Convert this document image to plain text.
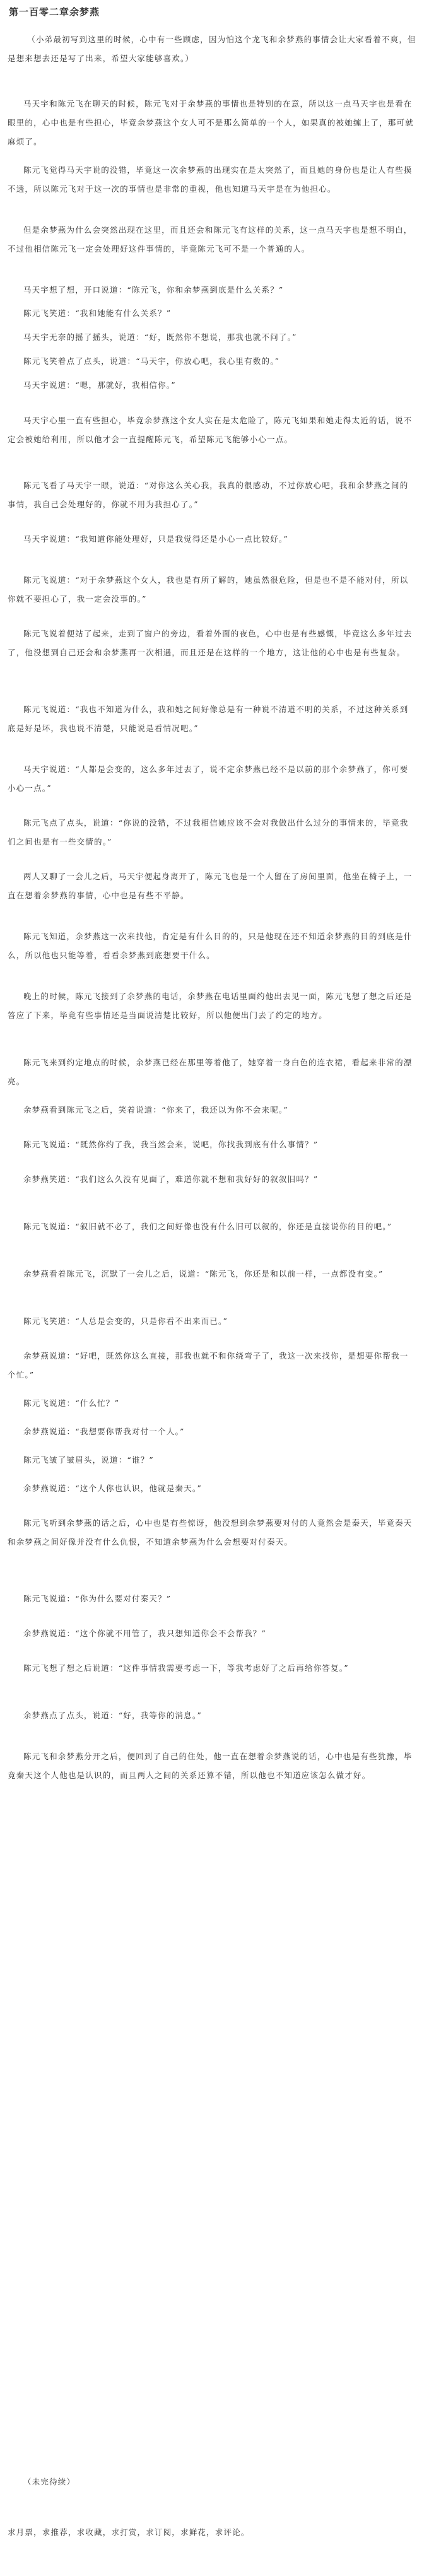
第一百零二章余梦燕
（小弟最初写到这里的时候，心中有一些顾虑，因为怕这个龙飞和余梦燕的事情会让大家看着不爽，但是想来想去还是写了出来，希望大家能够喜欢。）
马天宇和陈元飞在聊天的时候，陈元飞对于余梦燕的事情也是特别的在意，所以这一点马天宇也是看在眼里的，心中也是有些担心，毕竟余梦燕这个女人可不是那么简单的一个人，如果真的被她缠上了，那可就麻烦了。
陈元飞觉得马天宇说的没错，毕竟这一次余梦燕的出现实在是太突然了，而且她的身份也是让人有些摸不透，所以陈元飞对于这一次的事情也是非常的重视，他也知道马天宇是在为他担心。
但是余梦燕为什么会突然出现在这里，而且还会和陈元飞有这样的关系，这一点马天宇也是想不明白，不过他相信陈元飞一定会处理好这件事情的，毕竟陈元飞可不是一个普通的人。
马天宇想了想，开口说道：“陈元飞，你和余梦燕到底是什么关系？”
陈元飞笑道：“我和她能有什么关系？”
马天宇无奈的摇了摇头，说道：“好，既然你不想说，那我也就不问了。”
陈元飞笑着点了点头，说道：“马天宇，你放心吧，我心里有数的。”
马天宇说道：“嗯，那就好，我相信你。”
马天宇心里一直有些担心，毕竟余梦燕这个女人实在是太危险了，陈元飞如果和她走得太近的话，说不定会被她给利用，所以他才会一直提醒陈元飞，希望陈元飞能够小心一点。
陈元飞看了马天宇一眼，说道：“对你这么关心我，我真的很感动，不过你放心吧，我和余梦燕之间的事情，我自己会处理好的，你就不用为我担心了。”
马天宇说道：“我知道你能处理好，只是我觉得还是小心一点比较好。”
陈元飞说道：“对于余梦燕这个女人，我也是有所了解的，她虽然很危险，但是也不是不能对付，所以你就不要担心了，我一定会没事的。”
陈元飞说着便站了起来，走到了窗户的旁边，看着外面的夜色，心中也是有些感慨，毕竟这么多年过去了，他没想到自己还会和余梦燕再一次相遇，而且还是在这样的一个地方，这让他的心中也是有些复杂。
陈元飞说道：“我也不知道为什么，我和她之间好像总是有一种说不清道不明的关系，不过这种关系到底是好是坏，我也说不清楚，只能说是看情况吧。”
马天宇说道：“人都是会变的，这么多年过去了，说不定余梦燕已经不是以前的那个余梦燕了，你可要小心一点。”
陈元飞点了点头，说道：“你说的没错，不过我相信她应该不会对我做出什么过分的事情来的，毕竟我们之间也是有一些交情的。”
两人又聊了一会儿之后，马天宇便起身离开了，陈元飞也是一个人留在了房间里面，他坐在椅子上，一直在想着余梦燕的事情，心中也是有些不平静。
陈元飞知道，余梦燕这一次来找他，肯定是有什么目的的，只是他现在还不知道余梦燕的目的到底是什么，所以他也只能等着，看看余梦燕到底想要干什么。
晚上的时候，陈元飞接到了余梦燕的电话，余梦燕在电话里面约他出去见一面，陈元飞想了想之后还是答应了下来，毕竟有些事情还是当面说清楚比较好，所以他便出门去了约定的地方。
陈元飞来到约定地点的时候，余梦燕已经在那里等着他了，她穿着一身白色的连衣裙，看起来非常的漂亮。
余梦燕看到陈元飞之后，笑着说道：“你来了，我还以为你不会来呢。”
陈元飞说道：“既然你约了我，我当然会来，说吧，你找我到底有什么事情？”
余梦燕笑道：“我们这么久没有见面了，难道你就不想和我好好的叙叙旧吗？”
陈元飞说道：“叙旧就不必了，我们之间好像也没有什么旧可以叙的，你还是直接说你的目的吧。”
余梦燕看着陈元飞，沉默了一会儿之后，说道：“陈元飞，你还是和以前一样，一点都没有变。”
陈元飞笑道：“人总是会变的，只是你看不出来而已。”
余梦燕说道：“好吧，既然你这么直接，那我也就不和你绕弯子了，我这一次来找你，是想要你帮我一个忙。”
陈元飞说道：“什么忙？”
余梦燕说道：“我想要你帮我对付一个人。”
陈元飞皱了皱眉头，说道：“谁？”
余梦燕说道：“这个人你也认识，他就是秦天。”
陈元飞听到余梦燕的话之后，心中也是有些惊讶，他没想到余梦燕要对付的人竟然会是秦天，毕竟秦天和余梦燕之间好像并没有什么仇恨，不知道余梦燕为什么会想要对付秦天。
陈元飞说道：“你为什么要对付秦天？”
余梦燕说道：“这个你就不用管了，我只想知道你会不会帮我？”
陈元飞想了想之后说道：“这件事情我需要考虑一下，等我考虑好了之后再给你答复。”
余梦燕点了点头，说道：“好，我等你的消息。”
陈元飞和余梦燕分开之后，便回到了自己的住处，他一直在想着余梦燕说的话，心中也是有些犹豫，毕竟秦天这个人他也是认识的，而且两人之间的关系还算不错，所以他也不知道应该怎么做才好。
（未完待续）
求月票，求推荐，求收藏，求打赏，求订阅，求鲜花，求评论。
